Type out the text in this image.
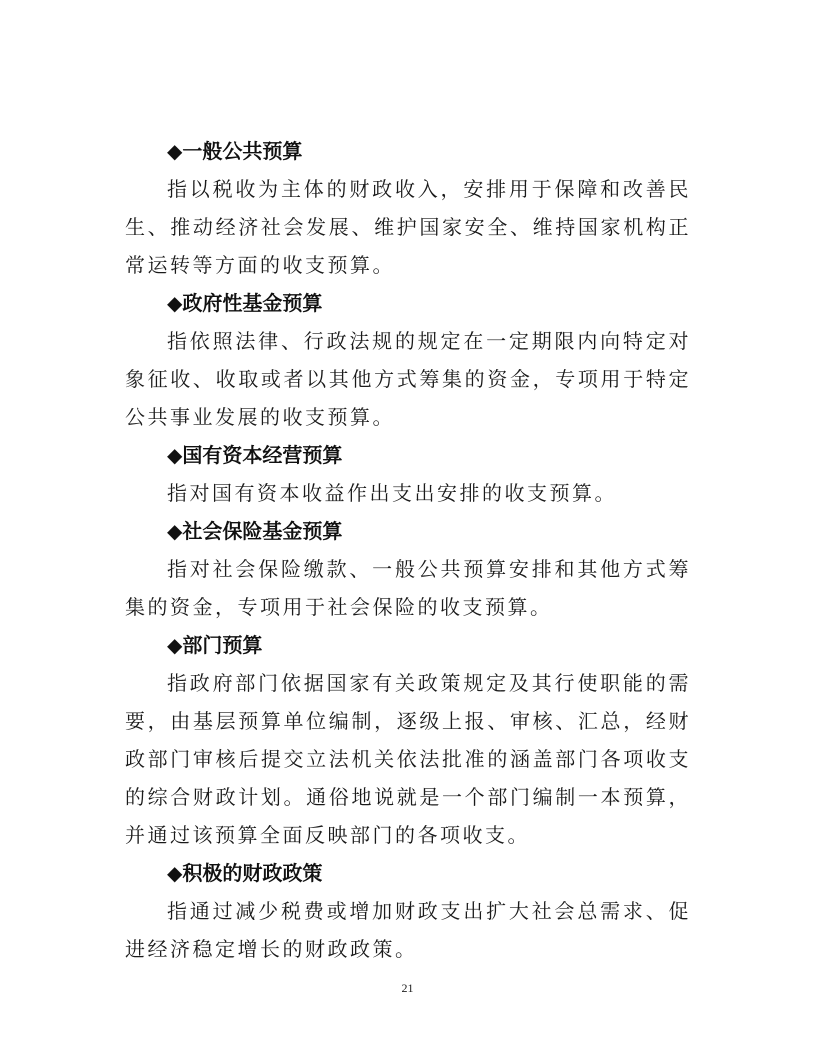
◆一般公共预算

指以税收为主体的财政收入，安排用于保障和改善民生、推动经济社会发展、维护国家安全、维持国家机构正常运转等方面的收支预算。

◆政府性基金预算

指依照法律、行政法规的规定在一定期限内向特定对象征收、收取或者以其他方式筹集的资金，专项用于特定公共事业发展的收支预算。

◆国有资本经营预算

指对国有资本收益作出支出安排的收支预算。

◆社会保险基金预算

指对社会保险缴款、一般公共预算安排和其他方式筹集的资金，专项用于社会保险的收支预算。

◆部门预算

指政府部门依据国家有关政策规定及其行使职能的需要，由基层预算单位编制，逐级上报、审核、汇总，经财政部门审核后提交立法机关依法批准的涵盖部门各项收支的综合财政计划。通俗地说就是一个部门编制一本预算，并通过该预算全面反映部门的各项收支。

◆积极的财政政策

指通过减少税费或增加财政支出扩大社会总需求、促进经济稳定增长的财政政策。

21
